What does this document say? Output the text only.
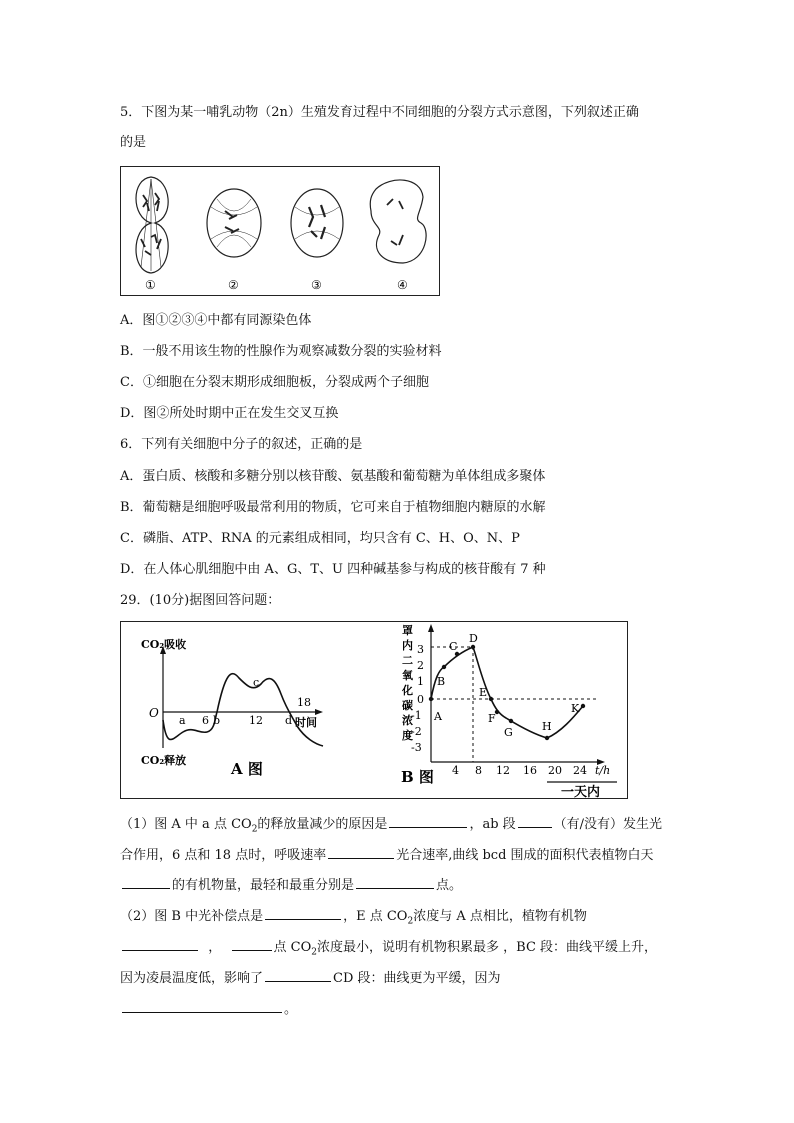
5．下图为某一哺乳动物（2n）生殖发育过程中不同细胞的分裂方式示意图，下列叙述正确
的是
①	②	③	④
A．图①②③④中都有同源染色体
B．一般不用该生物的性腺作为观察减数分裂的实验材料
C．①细胞在分裂末期形成细胞板，分裂成两个子细胞
D．图②所处时期中正在发生交叉互换
6．下列有关细胞中分子的叙述，正确的是
A．蛋白质、核酸和多糖分别以核苷酸、氨基酸和葡萄糖为单体组成多聚体
B．葡萄糖是细胞呼吸最常利用的物质，它可来自于植物细胞内糖原的水解
C．磷脂、ATP、RNA 的元素组成相同，均只含有 C、H、O、N、P
D．在人体心肌细胞中由 A、G、T、U 四种碱基参与构成的核苷酸有 7 种
29．(10分)据图回答问题：
CO₂吸收
CO₂释放
O
时间
a 6 b	12
c
18
d
A 图
罩
内
二
氧
化
碳
浓
度
3
2
1
0
-1
-2
-3
4 8 12 16 20 24 t/h
A
B
C
D
E
F
G	H
K
B 图
一天内
（1）图 A 中 a 点 $CO_2$的释放量减少的原因是	，ab 段	（有/没有）发生光
合作用，6 点和 18 点时，呼吸速率	光合速率,曲线 bcd 围成的面积代表植物白天
的有机物量，最轻和最重分别是	点。
（2）图 B 中光补偿点是	，E 点 $CO_2$浓度与 A 点相比，植物有机物
，	点 $CO_2$浓度最小，说明有机物积累最多 ，BC 段：曲线平缓上升，
因为凌晨温度低，影响了	CD 段：曲线更为平缓，因为
。
